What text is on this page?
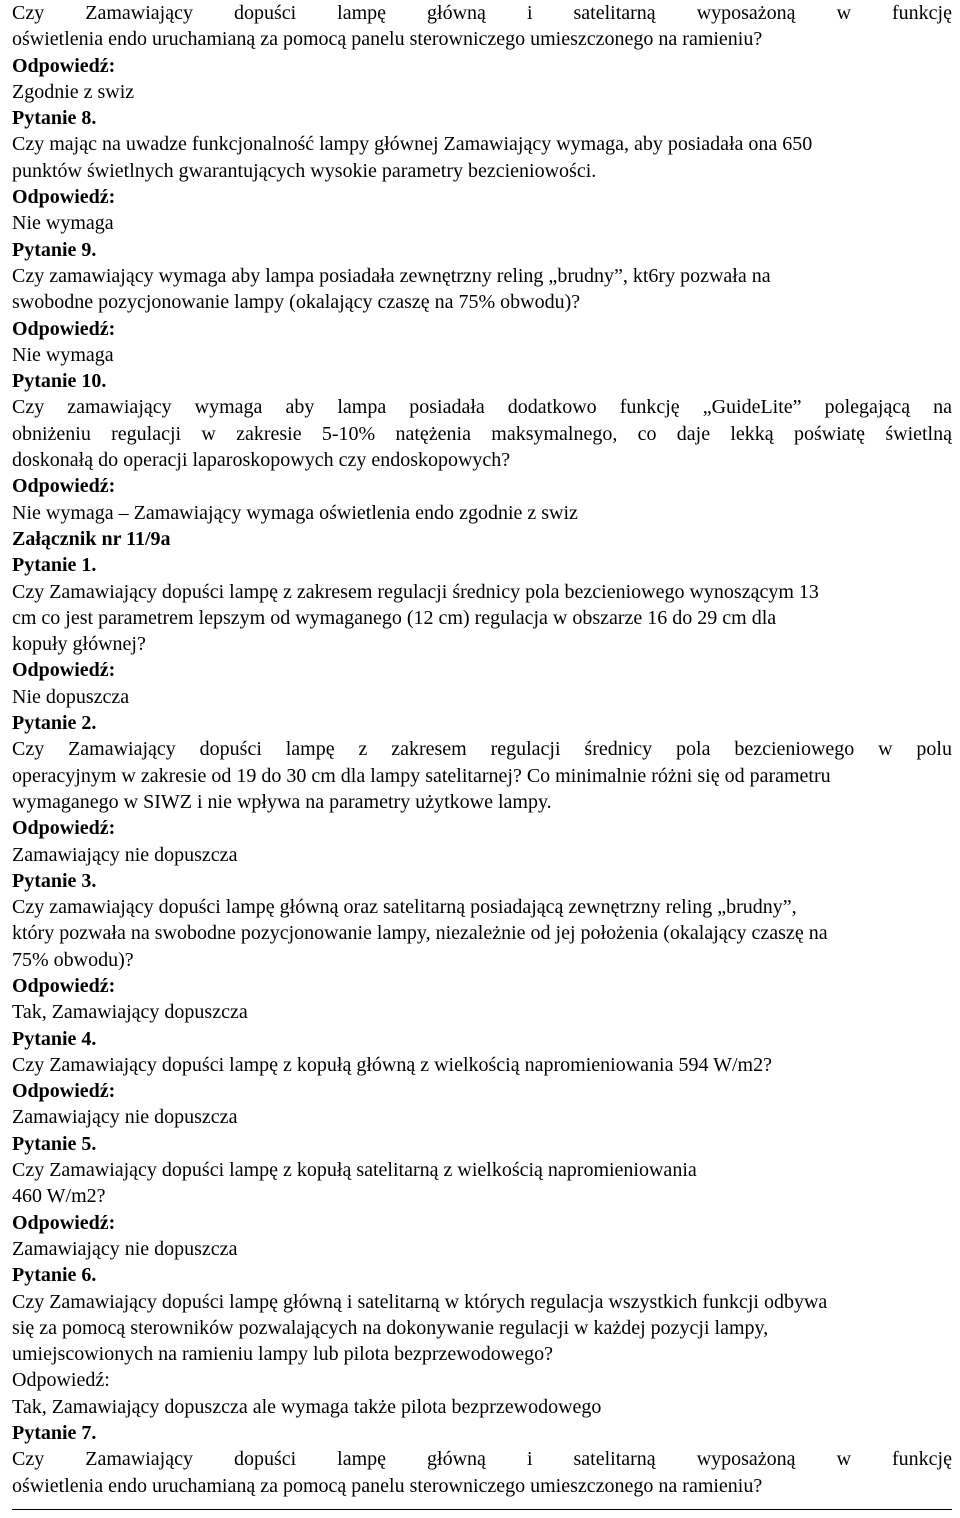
Czy Zamawiający dopuści lampę główną i satelitarną wyposażoną w funkcję
oświetlenia endo uruchamianą za pomocą panelu sterowniczego umieszczonego na ramieniu?
Odpowiedź:
Zgodnie z swiz
Pytanie 8.
Czy mając na uwadze funkcjonalność lampy głównej Zamawiający wymaga, aby posiadała ona 650
punktów świetlnych gwarantujących wysokie parametry bezcieniowości.
Odpowiedź:
Nie wymaga
Pytanie 9.
Czy zamawiający wymaga aby lampa posiadała zewnętrzny reling „brudny”, kt6ry pozwała na
swobodne pozycjonowanie lampy (okalający czaszę na 75% obwodu)?
Odpowiedź:
Nie wymaga
Pytanie 10.
Czy zamawiający wymaga aby lampa posiadała dodatkowo funkcję „GuideLite” polegającą na
obniżeniu regulacji w zakresie 5-10% natężenia maksymalnego, co daje lekką poświatę świetlną
doskonałą do operacji laparoskopowych czy endoskopowych?
Odpowiedź:
Nie wymaga – Zamawiający wymaga oświetlenia endo zgodnie z swiz
Załącznik nr 11/9a
Pytanie 1.
Czy Zamawiający dopuści lampę z zakresem regulacji średnicy pola bezcieniowego wynoszącym 13
cm co jest parametrem lepszym od wymaganego (12 cm) regulacja w obszarze 16 do 29 cm dla
kopuły głównej?
Odpowiedź:
Nie dopuszcza
Pytanie 2.
Czy Zamawiający dopuści lampę z zakresem regulacji średnicy pola bezcieniowego w polu
operacyjnym w zakresie od 19 do 30 cm dla lampy satelitarnej? Co minimalnie różni się od parametru
wymaganego w SIWZ i nie wpływa na parametry użytkowe lampy.
Odpowiedź:
Zamawiający nie dopuszcza
Pytanie 3.
Czy zamawiający dopuści lampę główną oraz satelitarną posiadającą zewnętrzny reling „brudny”,
który pozwała na swobodne pozycjonowanie lampy, niezależnie od jej położenia (okalający czaszę na
75% obwodu)?
Odpowiedź:
Tak, Zamawiający dopuszcza
Pytanie 4.
Czy Zamawiający dopuści lampę z kopułą główną z wielkością napromieniowania 594 W/m2?
Odpowiedź:
Zamawiający nie dopuszcza
Pytanie 5.
Czy Zamawiający dopuści lampę z kopułą satelitarną z wielkością napromieniowania
460 W/m2?
Odpowiedź:
Zamawiający nie dopuszcza
Pytanie 6.
Czy Zamawiający dopuści lampę główną i satelitarną w których regulacja wszystkich funkcji odbywa
się za pomocą sterowników pozwalających na dokonywanie regulacji w każdej pozycji lampy,
umiejscowionych na ramieniu lampy lub pilota bezprzewodowego?
Odpowiedź:
Tak, Zamawiający dopuszcza ale wymaga także pilota bezprzewodowego
Pytanie 7.
Czy Zamawiający dopuści lampę główną i satelitarną wyposażoną w funkcję
oświetlenia endo uruchamianą za pomocą panelu sterowniczego umieszczonego na ramieniu?
